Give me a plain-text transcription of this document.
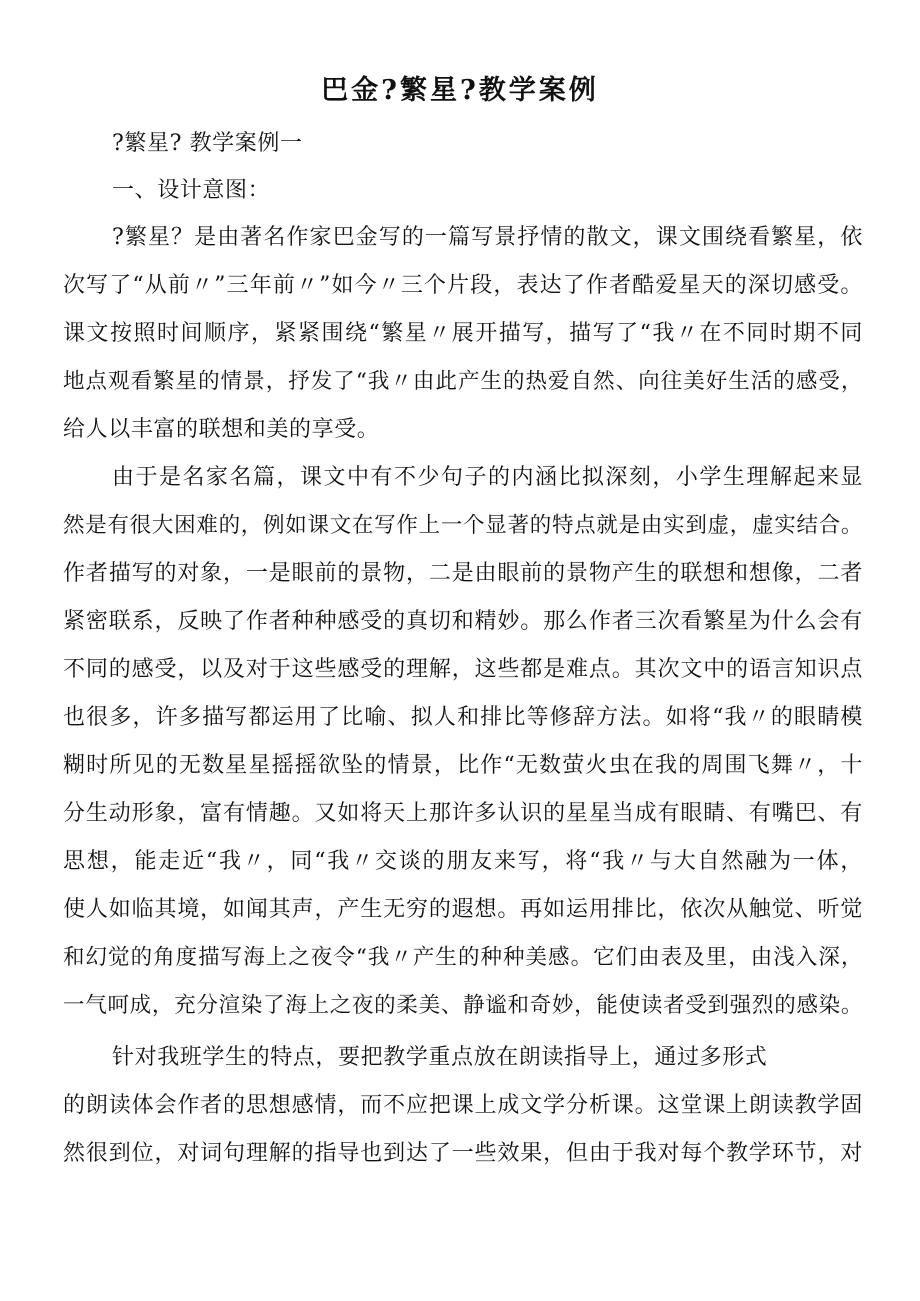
巴金?繁星?教学案例

?繁星? 教学案例一

一、设计意图：

?繁星？是由著名作家巴金写的一篇写景抒情的散文，课文围绕看繁星，依

次写了“从前〃”三年前〃”如今〃三个片段，表达了作者酷爱星天的深切感受。

课文按照时间顺序，紧紧围绕“繁星〃展开描写，描写了“我〃在不同时期不同

地点观看繁星的情景，抒发了“我〃由此产生的热爱自然、向往美好生活的感受，

给人以丰富的联想和美的享受。

由于是名家名篇，课文中有不少句子的内涵比拟深刻，小学生理解起来显

然是有很大困难的，例如课文在写作上一个显著的特点就是由实到虚，虚实结合。

作者描写的对象，一是眼前的景物，二是由眼前的景物产生的联想和想像，二者

紧密联系，反映了作者种种感受的真切和精妙。那么作者三次看繁星为什么会有

不同的感受，以及对于这些感受的理解，这些都是难点。其次文中的语言知识点

也很多，许多描写都运用了比喻、拟人和排比等修辞方法。如将“我〃的眼睛模

糊时所见的无数星星摇摇欲坠的情景，比作“无数萤火虫在我的周围飞舞〃，十

分生动形象，富有情趣。又如将天上那许多认识的星星当成有眼睛、有嘴巴、有

思想，能走近“我〃，同“我〃交谈的朋友来写，将“我〃与大自然融为一体，

使人如临其境，如闻其声，产生无穷的遐想。再如运用排比，依次从触觉、听觉

和幻觉的角度描写海上之夜令“我〃产生的种种美感。它们由表及里，由浅入深，

一气呵成，充分渲染了海上之夜的柔美、静谧和奇妙，能使读者受到强烈的感染。

针对我班学生的特点，要把教学重点放在朗读指导上，通过多形式

的朗读体会作者的思想感情，而不应把课上成文学分析课。这堂课上朗读教学固

然很到位，对词句理解的指导也到达了一些效果，但由于我对每个教学环节，对
